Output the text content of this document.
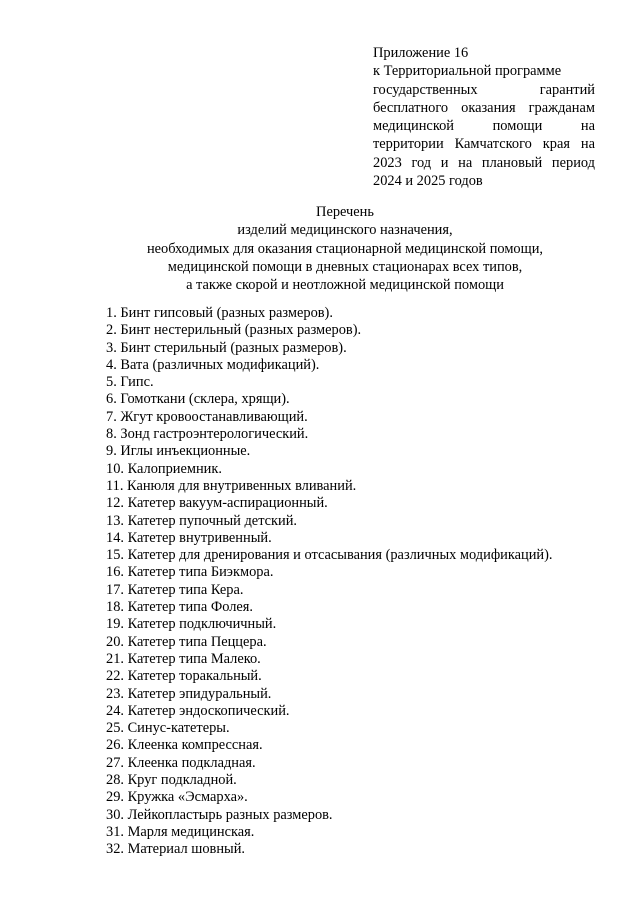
Приложение 16
к Территориальной программе
государственных гарантий
бесплатного оказания гражданам
медицинской помощи на
территории Камчатского края на
2023 год и на плановый период
2024 и 2025 годов
Перечень
изделий медицинского назначения,
необходимых для оказания стационарной медицинской помощи,
медицинской помощи в дневных стационарах всех типов,
а также скорой и неотложной медицинской помощи
1. Бинт гипсовый (разных размеров).
2. Бинт нестерильный (разных размеров).
3. Бинт стерильный (разных размеров).
4. Вата (различных модификаций).
5. Гипс.
6. Гомоткани (склера, хрящи).
7. Жгут кровоостанавливающий.
8. Зонд гастроэнтерологический.
9. Иглы инъекционные.
10. Калоприемник.
11. Канюля для внутривенных вливаний.
12. Катетер вакуум-аспирационный.
13. Катетер пупочный детский.
14. Катетер внутривенный.
15. Катетер для дренирования и отсасывания (различных модификаций).
16. Катетер типа Биэкмора.
17. Катетер типа Кера.
18. Катетер типа Фолея.
19. Катетер подключичный.
20. Катетер типа Пеццера.
21. Катетер типа Малеко.
22. Катетер торакальный.
23. Катетер эпидуральный.
24. Катетер эндоскопический.
25. Синус-катетеры.
26. Клеенка компрессная.
27. Клеенка подкладная.
28. Круг подкладной.
29. Кружка «Эсмарха».
30. Лейкопластырь разных размеров.
31. Марля медицинская.
32. Материал шовный.
